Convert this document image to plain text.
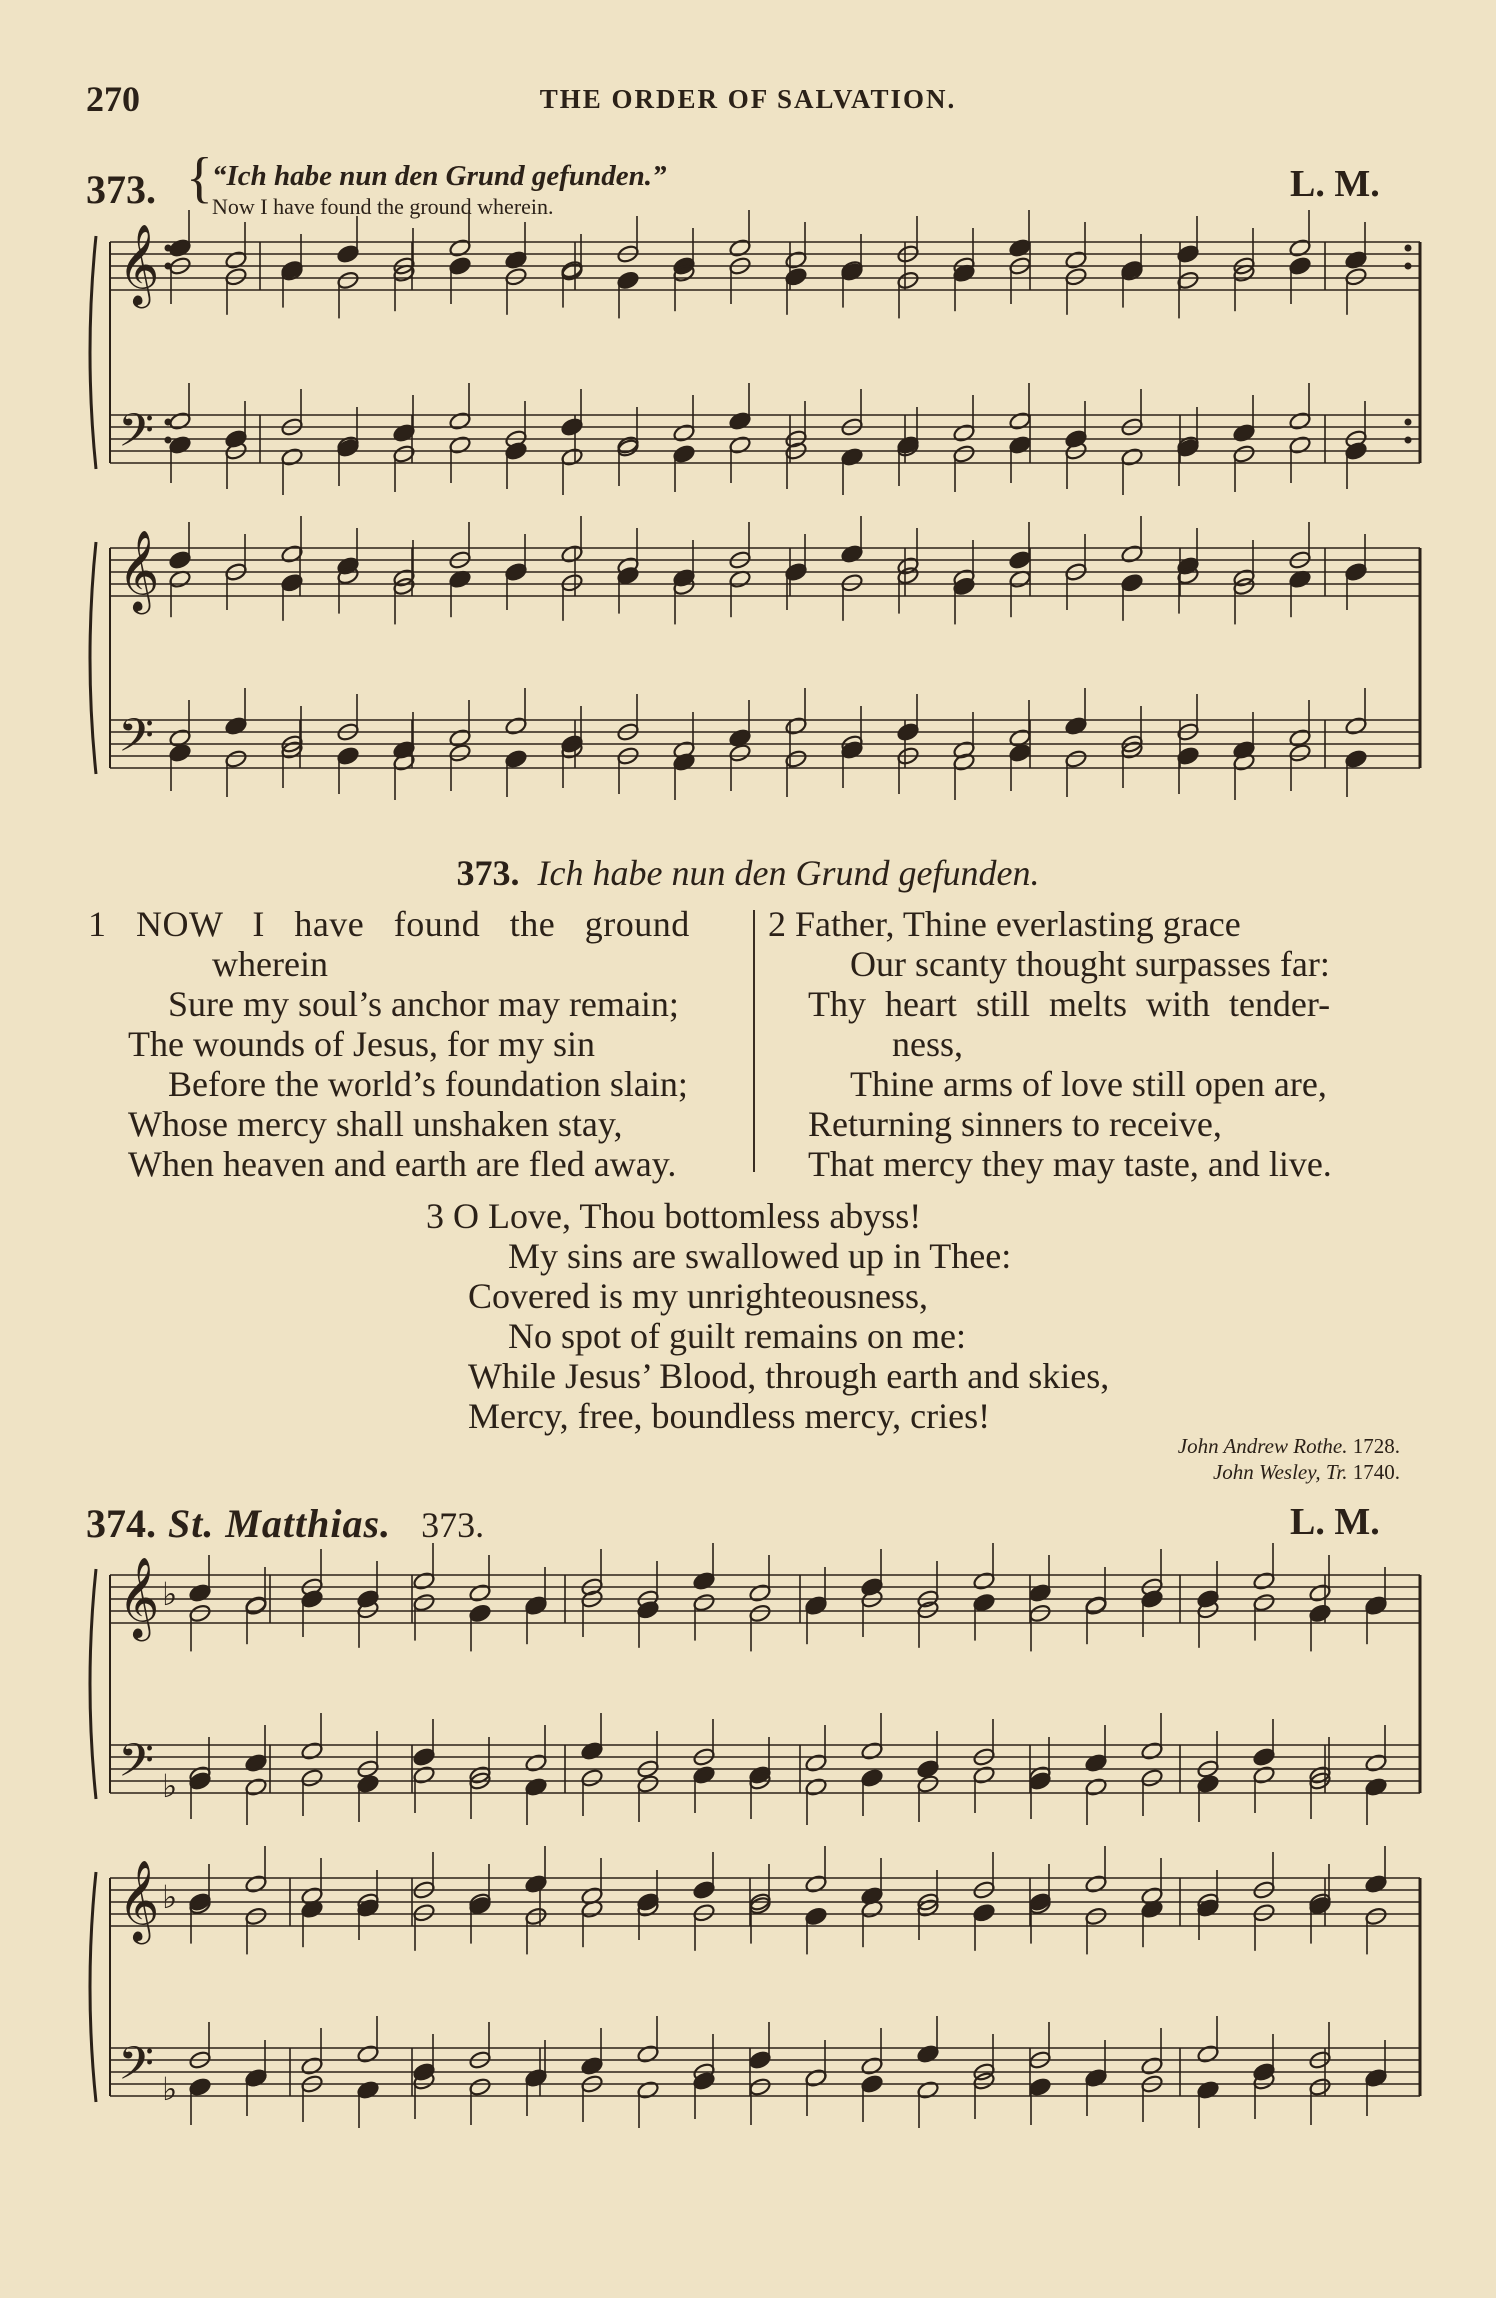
270	THE ORDER OF SALVATION.
373. { “Ich habe nun den Grund gefunden.”
Now I have found the ground wherein.
L. M.
𝄞
𝄢
𝄞
𝄢
𝄞
𝄢
♭
♭
𝄞
𝄢
♭
♭
373. Ich habe nun den Grund gefunden.
1 NOW I have found the ground
wherein
Sure my soul’s anchor may remain;
The wounds of Jesus, for my sin
Before the world’s foundation slain;
Whose mercy shall unshaken stay,
When heaven and earth are fled away.
2 Father, Thine everlasting grace
Our scanty thought surpasses far:
Thy heart still melts with tender-
ness,
Thine arms of love still open are,
Returning sinners to receive,
That mercy they may taste, and live.
3 O Love, Thou bottomless abyss!
My sins are swallowed up in Thee:
Covered is my unrighteousness,
No spot of guilt remains on me:
While Jesus’ Blood, through earth and skies,
Mercy, free, boundless mercy, cries!
John Andrew Rothe. 1728.
John Wesley, Tr. 1740.
374. St. Matthias. 373.	L. M.
